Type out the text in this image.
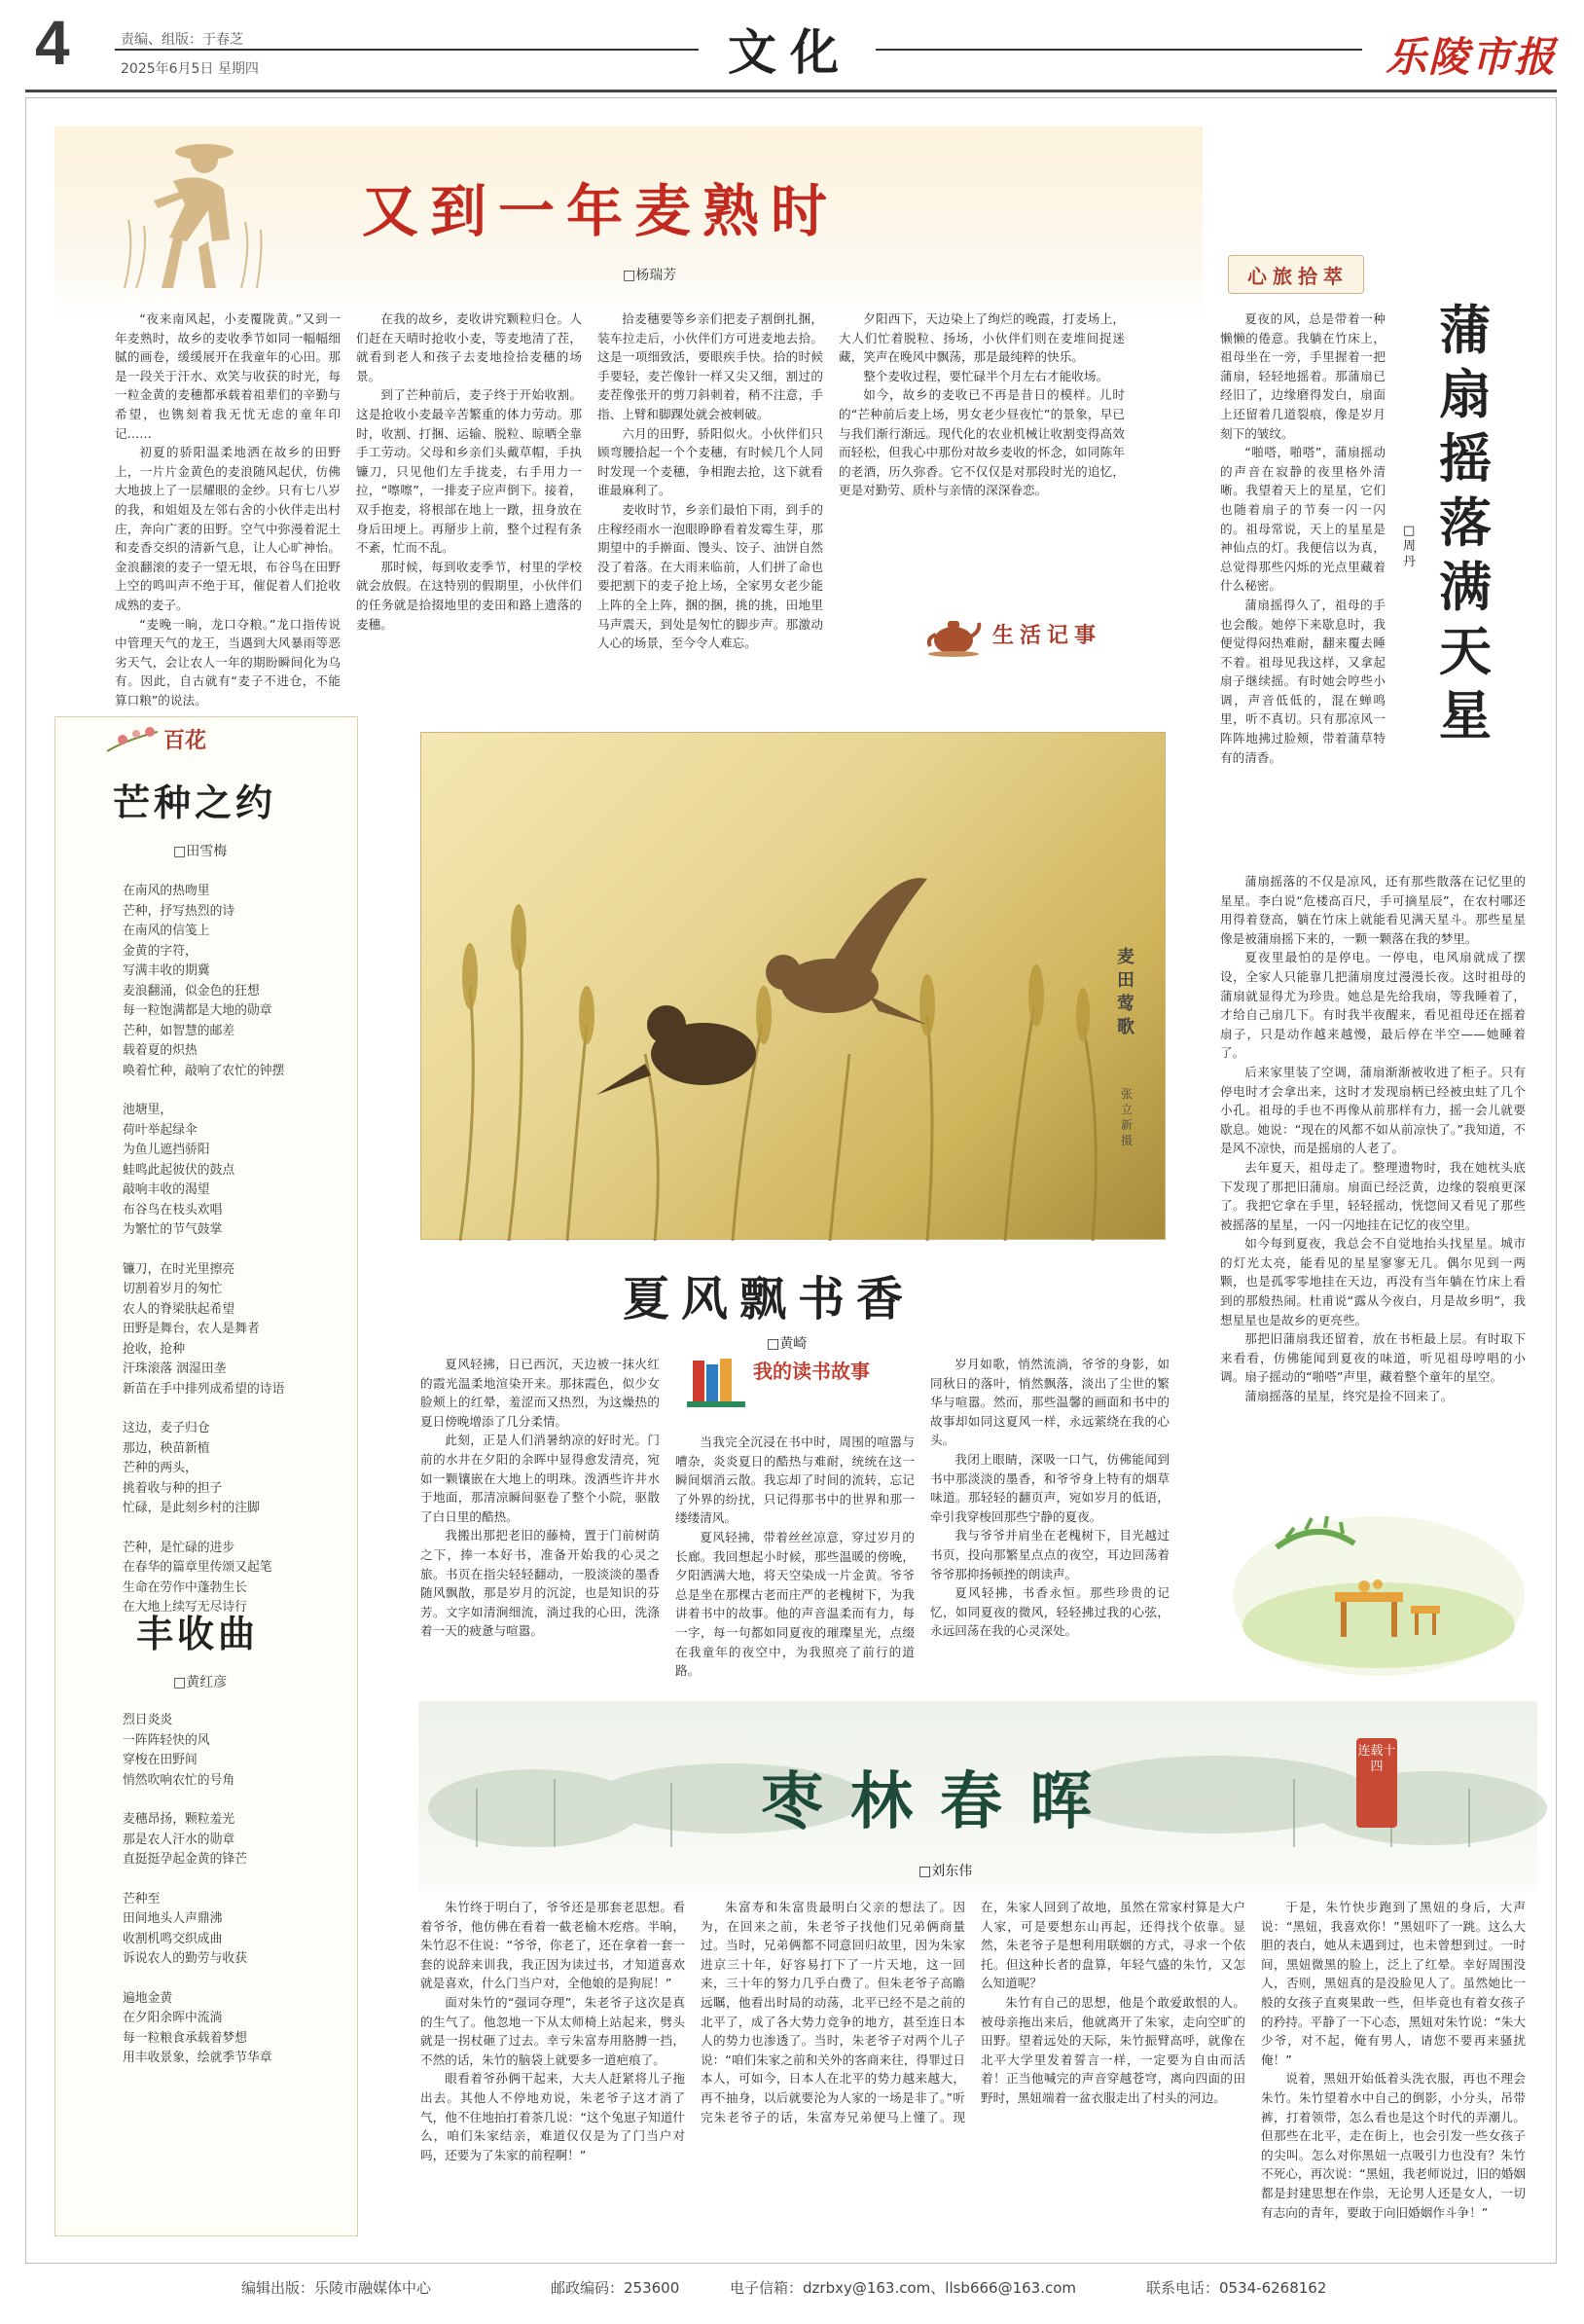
4	责编、组版：于春芝
2025年6月5日 星期四	文化	乐陵市报
又到一年麦熟时
□杨瑞芳

“夜来南风起，小麦覆陇黄。”又到一年麦熟时，故乡的麦收季节如同一幅幅细腻的画卷，缓缓展开在我童年的心田。那是一段关于汗水、欢笑与收获的时光，每一粒金黄的麦穗都承载着祖辈们的辛勤与希望，也镌刻着我无忧无虑的童年印记……

初夏的骄阳温柔地洒在故乡的田野上，一片片金黄色的麦浪随风起伏，仿佛大地披上了一层耀眼的金纱。只有七八岁的我，和姐姐及左邻右舍的小伙伴走出村庄，奔向广袤的田野。空气中弥漫着泥土和麦香交织的清新气息，让人心旷神怡。金浪翻滚的麦子一望无垠，布谷鸟在田野上空的鸣叫声不绝于耳，催促着人们抢收成熟的麦子。

“麦晚一晌，龙口夺粮。”龙口指传说中管理天气的龙王，当遇到大风暴雨等恶劣天气，会让农人一年的期盼瞬间化为乌有。因此，自古就有“麦子不进仓，不能算口粮”的说法。

在我的故乡，麦收讲究颗粒归仓。人们赶在天晴时抢收小麦，等麦地清了茬，就看到老人和孩子去麦地捡拾麦穗的场景。

到了芒种前后，麦子终于开始收割。这是抢收小麦最辛苦繁重的体力劳动。那时，收割、打捆、运输、脱粒、晾晒全靠手工劳动。父母和乡亲们头戴草帽，手执镰刀，只见他们左手拢麦，右手用力一拉，“嚓嚓”，一排麦子应声倒下。接着，双手抱麦，将根部在地上一蹾，扭身放在身后田埂上。再掰步上前，整个过程有条不紊，忙而不乱。

那时候，每到收麦季节，村里的学校就会放假。在这特别的假期里，小伙伴们的任务就是拾掇地里的麦田和路上遗落的麦穗。

拾麦穗要等乡亲们把麦子割倒扎捆，装车拉走后，小伙伴们方可进麦地去拾。这是一项细致活，要眼疾手快。拾的时候手要轻，麦芒像针一样又尖又细，割过的麦茬像张开的剪刀斜刺着，稍不注意，手指、上臂和脚踝处就会被刺破。

六月的田野，骄阳似火。小伙伴们只顾弯腰拾起一个个麦穗，有时候几个人同时发现一个麦穗，争相跑去抢，这下就看谁最麻利了。

麦收时节，乡亲们最怕下雨，到手的庄稼经雨水一泡眼睁睁看着发霉生芽，那期望中的手擀面、馒头、饺子、油饼自然没了着落。在大雨来临前，人们拼了命也要把割下的麦子抢上场，全家男女老少能上阵的全上阵，捆的捆，挑的挑，田地里马声震天，到处是匆忙的脚步声。那激动人心的场景，至今令人难忘。

夕阳西下，天边染上了绚烂的晚霞，打麦场上，大人们忙着脱粒、扬场，小伙伴们则在麦堆间捉迷藏，笑声在晚风中飘荡，那是最纯粹的快乐。

整个麦收过程，要忙碌半个月左右才能收场。

如今，故乡的麦收已不再是昔日的模样。儿时的“芒种前后麦上场，男女老少昼夜忙”的景象，早已与我们渐行渐远。现代化的农业机械让收割变得高效而轻松，但我心中那份对故乡麦收的怀念，如同陈年的老酒，历久弥香。它不仅仅是对那段时光的追忆，更是对勤劳、质朴与亲情的深深眷恋。

生活记事
心旅拾萃
蒲扇摇落满天星
□周丹

夏夜的风，总是带着一种懒懒的倦意。我躺在竹床上，祖母坐在一旁，手里握着一把蒲扇，轻轻地摇着。那蒲扇已经旧了，边缘磨得发白，扇面上还留着几道裂痕，像是岁月刻下的皱纹。

“啪嗒，啪嗒”，蒲扇摇动的声音在寂静的夜里格外清晰。我望着天上的星星，它们也随着扇子的节奏一闪一闪的。祖母常说，天上的星星是神仙点的灯。我便信以为真，总觉得那些闪烁的光点里藏着什么秘密。

蒲扇摇得久了，祖母的手也会酸。她停下来歇息时，我便觉得闷热难耐，翻来覆去睡不着。祖母见我这样，又拿起扇子继续摇。有时她会哼些小调，声音低低的，混在蝉鸣里，听不真切。只有那凉风一阵阵地拂过脸颊，带着蒲草特有的清香。

蒲扇摇落的不仅是凉风，还有那些散落在记忆里的星星。李白说“危楼高百尺，手可摘星辰”，在农村哪还用得着登高，躺在竹床上就能看见满天星斗。那些星星像是被蒲扇摇下来的，一颗一颗落在我的梦里。

夏夜里最怕的是停电。一停电，电风扇就成了摆设，全家人只能靠几把蒲扇度过漫漫长夜。这时祖母的蒲扇就显得尤为珍贵。她总是先给我扇，等我睡着了，才给自己扇几下。有时我半夜醒来，看见祖母还在摇着扇子，只是动作越来越慢，最后停在半空——她睡着了。

后来家里装了空调，蒲扇渐渐被收进了柜子。只有停电时才会拿出来，这时才发现扇柄已经被虫蛀了几个小孔。祖母的手也不再像从前那样有力，摇一会儿就要歇息。她说：“现在的风都不如从前凉快了。”我知道，不是风不凉快，而是摇扇的人老了。

去年夏天，祖母走了。整理遗物时，我在她枕头底下发现了那把旧蒲扇。扇面已经泛黄，边缘的裂痕更深了。我把它拿在手里，轻轻摇动，恍惚间又看见了那些被摇落的星星，一闪一闪地挂在记忆的夜空里。

如今每到夏夜，我总会不自觉地抬头找星星。城市的灯光太亮，能看见的星星寥寥无几。偶尔见到一两颗，也是孤零零地挂在天边，再没有当年躺在竹床上看到的那般热闹。杜甫说“露从今夜白，月是故乡明”，我想星星也是故乡的更亮些。

那把旧蒲扇我还留着，放在书柜最上层。有时取下来看看，仿佛能闻到夏夜的味道，听见祖母哼唱的小调。扇子摇动的“啪嗒”声里，藏着整个童年的星空。

蒲扇摇落的星星，终究是捡不回来了。

百花
芒种之约
□田雪梅

在南风的热吻里
芒种，抒写热烈的诗
在南风的信笺上
金黄的字符，
写满丰收的期冀
麦浪翻涌，似金色的狂想
每一粒饱满都是大地的勋章
芒种，如智慧的邮差
载着夏的炽热
唤着忙种，敲响了农忙的钟摆

池塘里，
荷叶举起绿伞
为鱼儿遮挡骄阳
蛙鸣此起彼伏的鼓点
敲响丰收的渴望
布谷鸟在枝头欢唱
为繁忙的节气鼓掌

镰刀，在时光里擦亮
切割着岁月的匆忙
农人的脊梁肤起希望
田野是舞台，农人是舞者
抢收，抢种
汗珠滚落 洇湿田垄
新苗在手中排列成希望的诗语

这边，麦子归仓
那边，秧苗新植
芒种的两头，
挑着收与种的担子
忙碌，是此刻乡村的注脚

芒种，是忙碌的进步
在春华的篇章里传颂又起笔
生命在劳作中蓬勃生长
在大地上续写无尽诗行

丰收曲
□黄红彦

烈日炎炎
一阵阵轻快的风
穿梭在田野间
悄然吹响农忙的号角

麦穗昂扬，颗粒羞光
那是农人汗水的勋章
直挺挺孕起金黄的锋芒

芒种至
田间地头人声鼎沸
收割机鸣交织成曲
诉说农人的勤劳与收获

遍地金黄
在夕阳余晖中流淌
每一粒粮食承载着梦想
用丰收景象，绘就季节华章

麦田莺歌
张立新 摄
夏风飘书香
□黄崎
我的读书故事

夏风轻拂，日已西沉，天边被一抹火红的霞光温柔地渲染开来。那抹霞色，似少女脸颊上的红晕，羞涩而又热烈，为这燥热的夏日傍晚增添了几分柔情。

此刻，正是人们消暑纳凉的好时光。门前的水井在夕阳的余晖中显得愈发清亮，宛如一颗镶嵌在大地上的明珠。泼洒些许井水于地面，那清凉瞬间驱卷了整个小院，驱散了白日里的酷热。

我搬出那把老旧的藤椅，置于门前树荫之下，捧一本好书，准备开始我的心灵之旅。书页在指尖轻轻翻动，一股淡淡的墨香随风飘散，那是岁月的沉淀，也是知识的芬芳。文字如清涧细流，淌过我的心田，洗涤着一天的疲惫与喧嚣。

当我完全沉浸在书中时，周围的喧嚣与嘈杂，炎炎夏日的酷热与难耐，统统在这一瞬间烟消云散。我忘却了时间的流转，忘记了外界的纷扰，只记得那书中的世界和那一缕缕清风。

夏风轻拂，带着丝丝凉意，穿过岁月的长廊。我回想起小时候，那些温暖的傍晚，夕阳洒满大地，将天空染成一片金黄。爷爷总是坐在那棵古老而庄严的老槐树下，为我讲着书中的故事。他的声音温柔而有力，每一字，每一句都如同夏夜的璀璨星光，点缀在我童年的夜空中，为我照亮了前行的道路。

岁月如歌，悄然流淌，爷爷的身影，如同秋日的落叶，悄然飘落，淡出了尘世的繁华与喧嚣。然而，那些温馨的画面和书中的故事却如同这夏风一样，永远萦绕在我的心头。

我闭上眼睛，深吸一口气，仿佛能闻到书中那淡淡的墨香，和爷爷身上特有的烟草味道。那轻轻的翻页声，宛如岁月的低语，牵引我穿梭回那些宁静的夏夜。

我与爷爷并肩坐在老槐树下，目光越过书页，投向那繁星点点的夜空，耳边回荡着爷爷那抑扬顿挫的朗读声。

夏风轻拂，书香永恒。那些珍贵的记忆，如同夏夜的微风，轻轻拂过我的心弦，永远回荡在我的心灵深处。

枣林春晖
□刘东伟
连载十四

朱竹终于明白了，爷爷还是那套老思想。看着爷爷，他仿佛在看着一截老榆木疙瘩。半晌，朱竹忍不住说：“爷爷，你老了，还在拿着一套一套的说辞来训我，我正因为读过书，才知道喜欢就是喜欢，什么门当户对，全他娘的是狗屁！”

面对朱竹的“强词夺理”，朱老爷子这次是真的生气了。他忽地一下从太师椅上站起来，劈头就是一拐杖砸了过去。幸亏朱富寿用胳膊一挡，不然的话，朱竹的脑袋上就要多一道疤痕了。

眼看着爷孙俩干起来，大夫人赶紧将儿子拖出去。其他人不停地劝说，朱老爷子这才消了气，他不住地拍打着茶几说：“这个兔崽子知道什么，咱们朱家结亲，难道仅仅是为了门当户对吗，还要为了朱家的前程啊！”

朱富寿和朱富贵最明白父亲的想法了。因为，在回来之前，朱老爷子找他们兄弟俩商量过。当时，兄弟俩都不同意回归故里，因为朱家进京三十年，好容易打下了一片天地，这一回来，三十年的努力几乎白费了。但朱老爷子高瞻远瞩，他看出时局的动荡，北平已经不是之前的北平了，成了各大势力竞争的地方，甚至连日本人的势力也渗透了。当时，朱老爷子对两个儿子说：“咱们朱家之前和关外的客商来往，得罪过日本人，可如今，日本人在北平的势力越来越大，再不抽身，以后就要沦为人家的一场是非了。”听完朱老爷子的话，朱富寿兄弟便马上懂了。现在，朱家人回到了故地，虽然在常家村算是大户人家，可是要想东山再起，还得找个依靠。显然，朱老爷子是想利用联姻的方式，寻求一个依托。但这种长者的盘算，年轻气盛的朱竹，又怎么知道呢？

朱竹有自己的思想，他是个敢爱敢恨的人。被母亲拖出来后，他就离开了朱家，走向空旷的田野。望着远处的天际，朱竹振臂高呼，就像在北平大学里发着誓言一样，一定要为自由而活着！正当他喊完的声音穿越苍穹，离向四面的田野时，黑妞端着一盆衣服走出了村头的河边。

于是，朱竹快步跑到了黑妞的身后，大声说：“黑妞，我喜欢你！”黑妞吓了一跳。这么大胆的表白，她从未遇到过，也未曾想到过。一时间，黑妞微黑的脸上，泛上了红晕。幸好周围没人，否则，黑妞真的是没脸见人了。虽然她比一般的女孩子直爽果敢一些，但毕竟也有着女孩子的矜持。平静了一下心态，黑妞对朱竹说：“朱大少爷，对不起，俺有男人，请您不要再来骚扰俺！”

说着，黑妞开始低着头洗衣服，再也不理会朱竹。朱竹望着水中自己的倒影，小分头，吊带裤，打着领带，怎么看也是这个时代的弄潮儿。但那些在北平，走在街上，也会引发一些女孩子的尖叫。怎么对你黑妞一点吸引力也没有？朱竹不死心，再次说：“黑妞，我老师说过，旧的婚姻都是封建思想在作祟，无论男人还是女人，一切有志向的青年，要敢于向旧婚姻作斗争！”

编辑出版：乐陵市融媒体中心	邮政编码：253600	电子信箱：dzrbxy@163.com、llsb666@163.com	联系电话：0534-6268162
